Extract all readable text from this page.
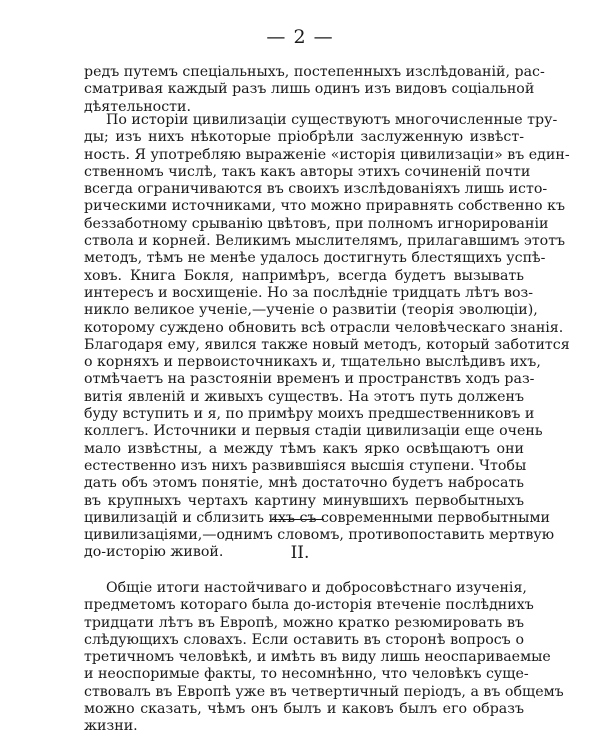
— 2 —

редъ путемъ спеціальныхъ, постепенныхъ изслѣдованій, рас-
сматривая каждый разъ лишь одинъ изъ видовъ соціальной
дѣятельности.

По исторіи цивилизаціи существуютъ многочисленные тру-
ды; изъ нихъ нѣкоторые пріобрѣли заслуженную извѣст-
ность. Я употребляю выраженіе «исторія цивилизаціи» въ един-
ственномъ числѣ, такъ какъ авторы этихъ сочиненій почти
всегда ограничиваются въ своихъ изслѣдованіяхъ лишь истo-
рическими источниками, что можно приравнять собственно къ
беззаботному срыванію цвѣтовъ, при полномъ игнорированіи
ствола и корней. Великимъ мыслителямъ, прилагавшимъ этотъ
методъ, тѣмъ не менѣе удалось достигнуть блестящихъ успѣ-
ховъ. Книга Бокля, напримѣръ, всегда будетъ вызывать
интересъ и восхищеніе. Но за послѣдніе тридцать лѣтъ воз-
никло великое ученіе,—ученіе о развитіи (теорія эволюціи),
которому суждено обновить всѣ отрасли человѣческаго знанія.
Благодаря ему, явился также новый методъ, который заботится
о корняхъ и первоисточникахъ и, тщательно выслѣдивъ ихъ,
отмѣчаетъ на разстояніи временъ и пространствъ ходъ раз-
витія явленій и живыхъ существъ. На этотъ путь долженъ
буду вступить и я, по примѣру моихъ предшественниковъ и
коллегъ. Источники и первыя стадіи цивилизаціи еще очень
мало извѣстны, а между тѣмъ какъ ярко освѣщаютъ они
естественно изъ нихъ развившіяся высшія ступени. Чтобы
дать объ этомъ понятіе, мнѣ достаточно будетъ набросать
въ крупныхъ чертахъ картину минувшихъ первобытныхъ
цивилизацій и сблизить ихъ съ современными первобытными
цивилизаціями,—однимъ словомъ, противопоставить мертвую
до-исторію живой.	II.

Общіе итоги настойчиваго и добросовѣстнаго изученія,
предметомъ котораго была до-исторія втеченіе послѣднихъ
тридцати лѣтъ въ Европѣ, можно кратко резюмировать въ
слѣдующихъ словахъ. Если оставить въ сторонѣ вопросъ о
третичномъ человѣкѣ, и имѣть въ виду лишь неоспариваемые
и неоспоримые факты, то несомнѣнно, что человѣкъ суще-
ствовалъ въ Европѣ уже въ четвертичный періодъ, а въ общемъ
можно сказать, чѣмъ онъ былъ и каковъ былъ его образъ
жизни.
